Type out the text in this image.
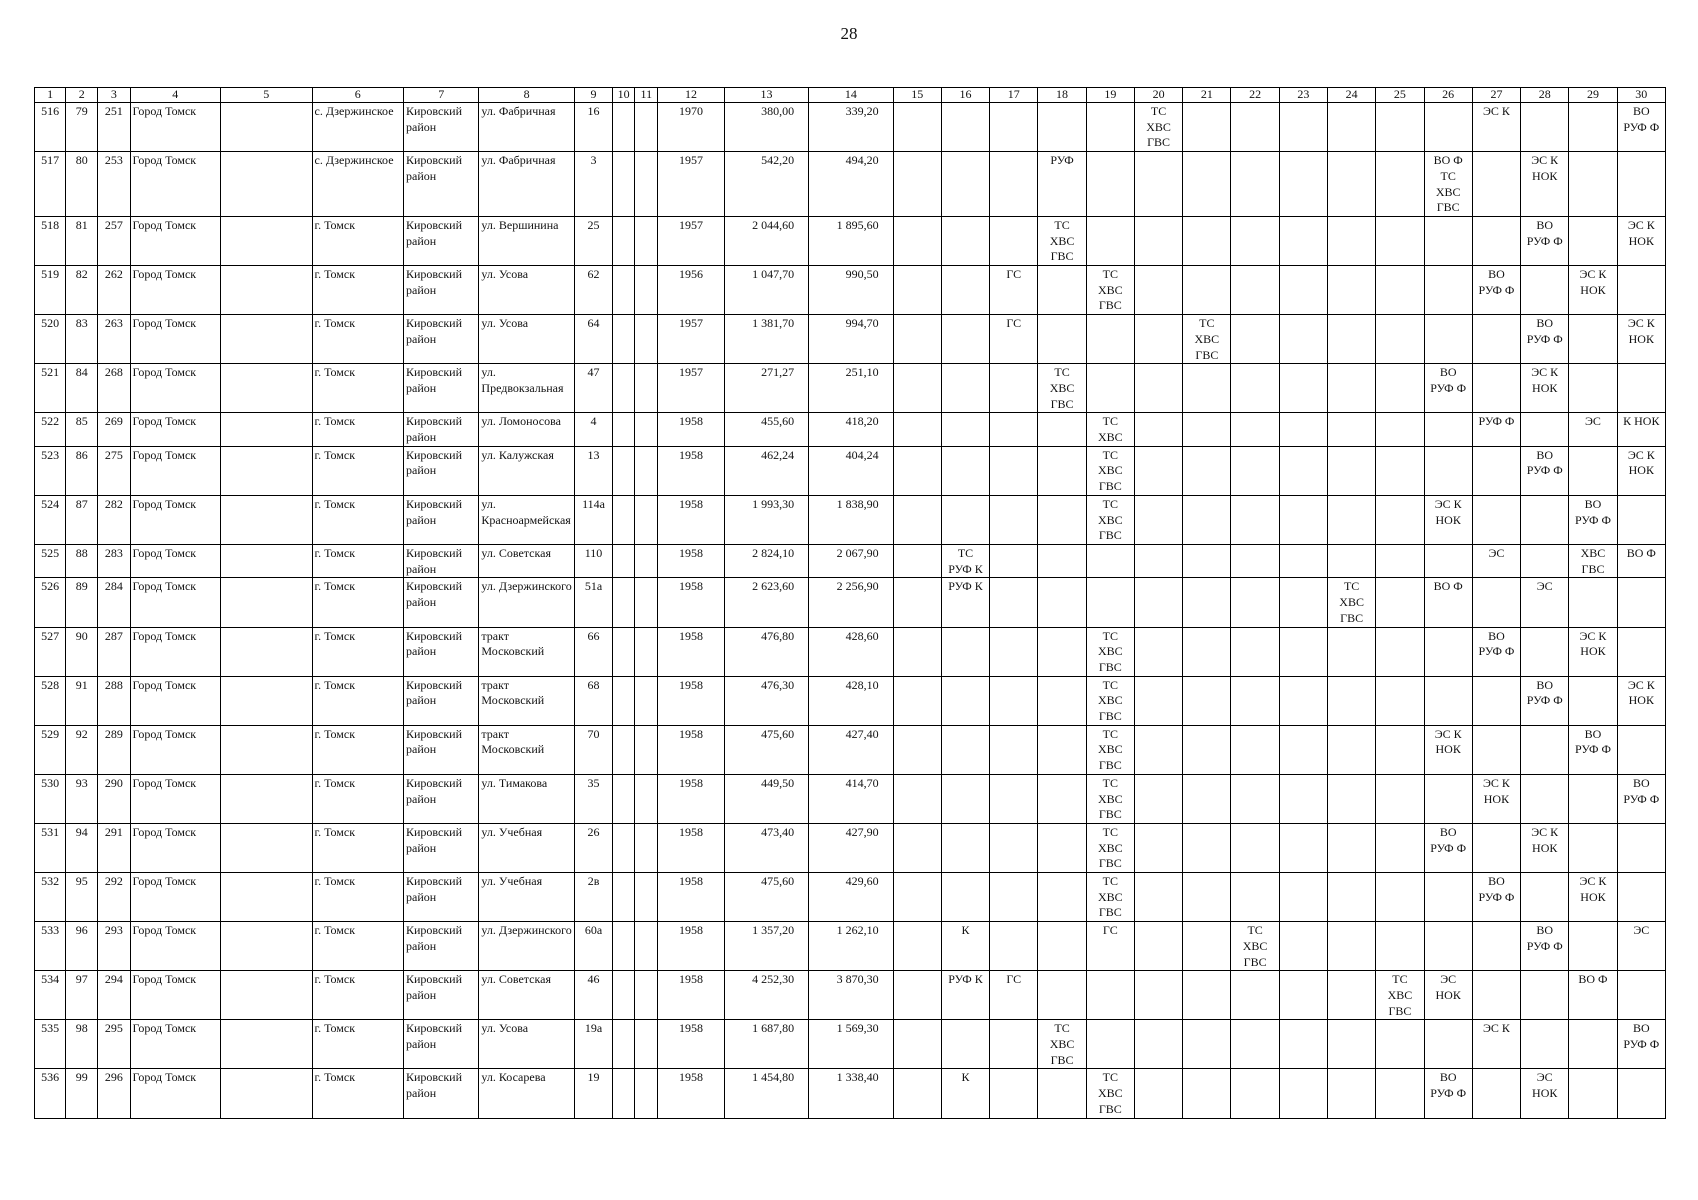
28
1	2	3	4	5	6	7	8	9	10	11	12	13	14	15	16	17	18	19	20	21	22	23	24	25	26	27	28	29	30
516	79	251	Город Томск		с. Дзержинское	Кировский район	ул. Фабричная	16			1970	380,00	339,20						ТС
ХВС
ГВС							ЭС К			ВО
РУФ Ф
517	80	253	Город Томск		с. Дзержинское	Кировский район	ул. Фабричная	3			1957	542,20	494,20				РУФ								ВО Ф
ТС
ХВС
ГВС		ЭС К
НОК		
518	81	257	Город Томск		г. Томск	Кировский район	ул. Вершинина	25			1957	2 044,60	1 895,60				ТС
ХВС
ГВС										ВО
РУФ Ф		ЭС К
НОК
519	82	262	Город Томск		г. Томск	Кировский район	ул. Усова	62			1956	1 047,70	990,50			ГС		ТС
ХВС
ГВС								ВО
РУФ Ф		ЭС К
НОК	
520	83	263	Город Томск		г. Томск	Кировский район	ул. Усова	64			1957	1 381,70	994,70			ГС				ТС
ХВС
ГВС							ВО
РУФ Ф		ЭС К
НОК
521	84	268	Город Томск		г. Томск	Кировский район	ул. Предвокзальная	47			1957	271,27	251,10				ТС
ХВС
ГВС								ВО
РУФ Ф		ЭС К
НОК		
522	85	269	Город Томск		г. Томск	Кировский район	ул. Ломоносова	4			1958	455,60	418,20					ТС
ХВС								РУФ Ф		ЭС	К НОК
523	86	275	Город Томск		г. Томск	Кировский район	ул. Калужская	13			1958	462,24	404,24					ТС
ХВС
ГВС									ВО
РУФ Ф		ЭС К
НОК
524	87	282	Город Томск		г. Томск	Кировский район	ул. Красноармейская	114а			1958	1 993,30	1 838,90					ТС
ХВС
ГВС							ЭС К
НОК			ВО
РУФ Ф	
525	88	283	Город Томск		г. Томск	Кировский район	ул. Советская	110			1958	2 824,10	2 067,90		ТС
РУФ К											ЭС		ХВС
ГВС	ВО Ф
526	89	284	Город Томск		г. Томск	Кировский район	ул. Дзержинского	51а			1958	2 623,60	2 256,90		РУФ К								ТС
ХВС
ГВС		ВО Ф		ЭС		
527	90	287	Город Томск		г. Томск	Кировский район	тракт Московский	66			1958	476,80	428,60					ТС
ХВС
ГВС								ВО
РУФ Ф		ЭС К
НОК	
528	91	288	Город Томск		г. Томск	Кировский район	тракт Московский	68			1958	476,30	428,10					ТС
ХВС
ГВС									ВО
РУФ Ф		ЭС К
НОК
529	92	289	Город Томск		г. Томск	Кировский район	тракт Московский	70			1958	475,60	427,40					ТС
ХВС
ГВС							ЭС К
НОК			ВО
РУФ Ф	
530	93	290	Город Томск		г. Томск	Кировский район	ул. Тимакова	35			1958	449,50	414,70					ТС
ХВС
ГВС								ЭС К
НОК			ВО
РУФ Ф
531	94	291	Город Томск		г. Томск	Кировский район	ул. Учебная	26			1958	473,40	427,90					ТС
ХВС
ГВС							ВО
РУФ Ф		ЭС К
НОК		
532	95	292	Город Томск		г. Томск	Кировский район	ул. Учебная	2в			1958	475,60	429,60					ТС
ХВС
ГВС								ВО
РУФ Ф		ЭС К
НОК	
533	96	293	Город Томск		г. Томск	Кировский район	ул. Дзержинского	60а			1958	1 357,20	1 262,10		К			ГС			ТС
ХВС
ГВС						ВО
РУФ Ф		ЭС
534	97	294	Город Томск		г. Томск	Кировский район	ул. Советская	46			1958	4 252,30	3 870,30		РУФ К	ГС								ТС
ХВС
ГВС	ЭС
НОК			ВО Ф	
535	98	295	Город Томск		г. Томск	Кировский район	ул. Усова	19а			1958	1 687,80	1 569,30				ТС
ХВС
ГВС									ЭС К			ВО
РУФ Ф
536	99	296	Город Томск		г. Томск	Кировский район	ул. Косарева	19			1958	1 454,80	1 338,40		К			ТС
ХВС
ГВС							ВО
РУФ Ф		ЭС
НОК		
